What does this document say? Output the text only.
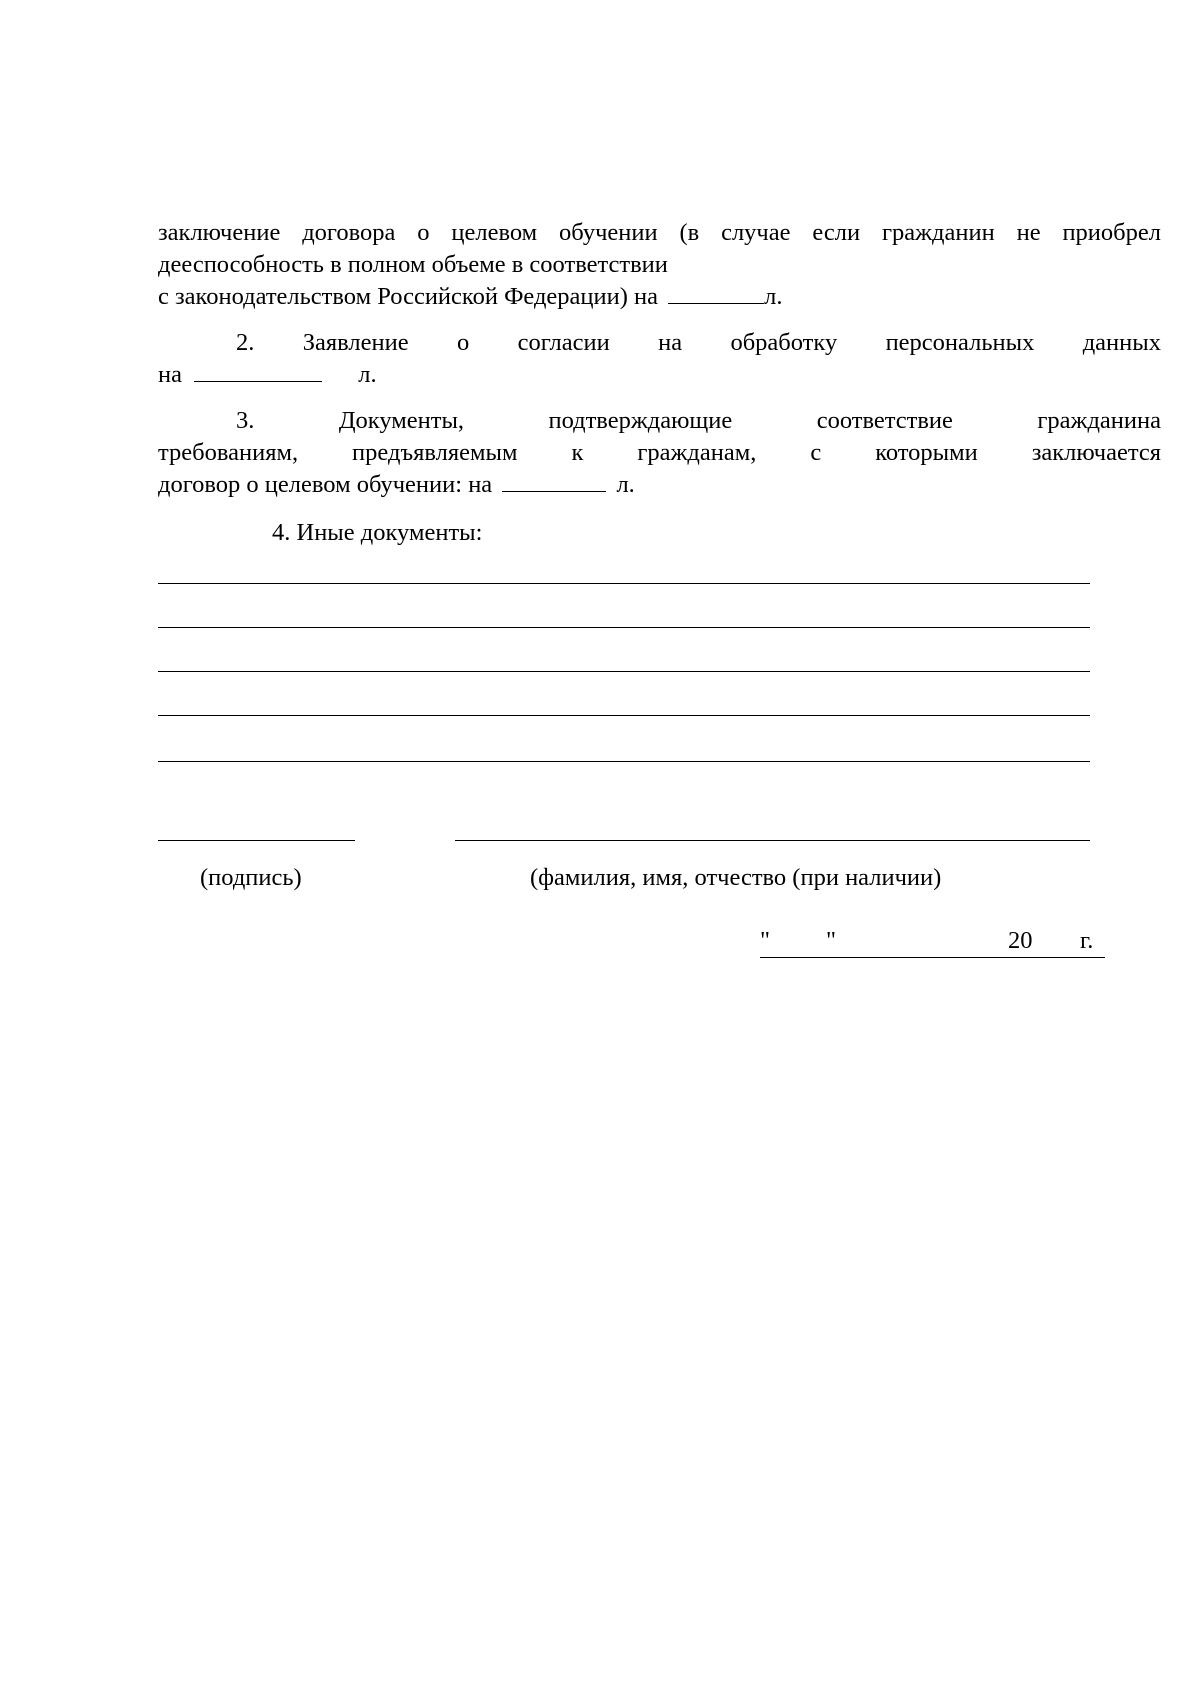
заключение договора о целевом обучении (в случае если гражданин не приобрел
дееспособность в полном объеме в соответствии
с законодательством Российской Федерации) на	л.
2. Заявление о согласии на обработку персональных данных
на	л.
3.	Документы, подтверждающие соответствие гражданина
требованиям, предъявляемым к гражданам, с которыми заключается
договор о целевом обучении: на	л.
4. Иные документы:
(подпись)	(фамилия, имя, отчество (при наличии)
" "	20 г.
